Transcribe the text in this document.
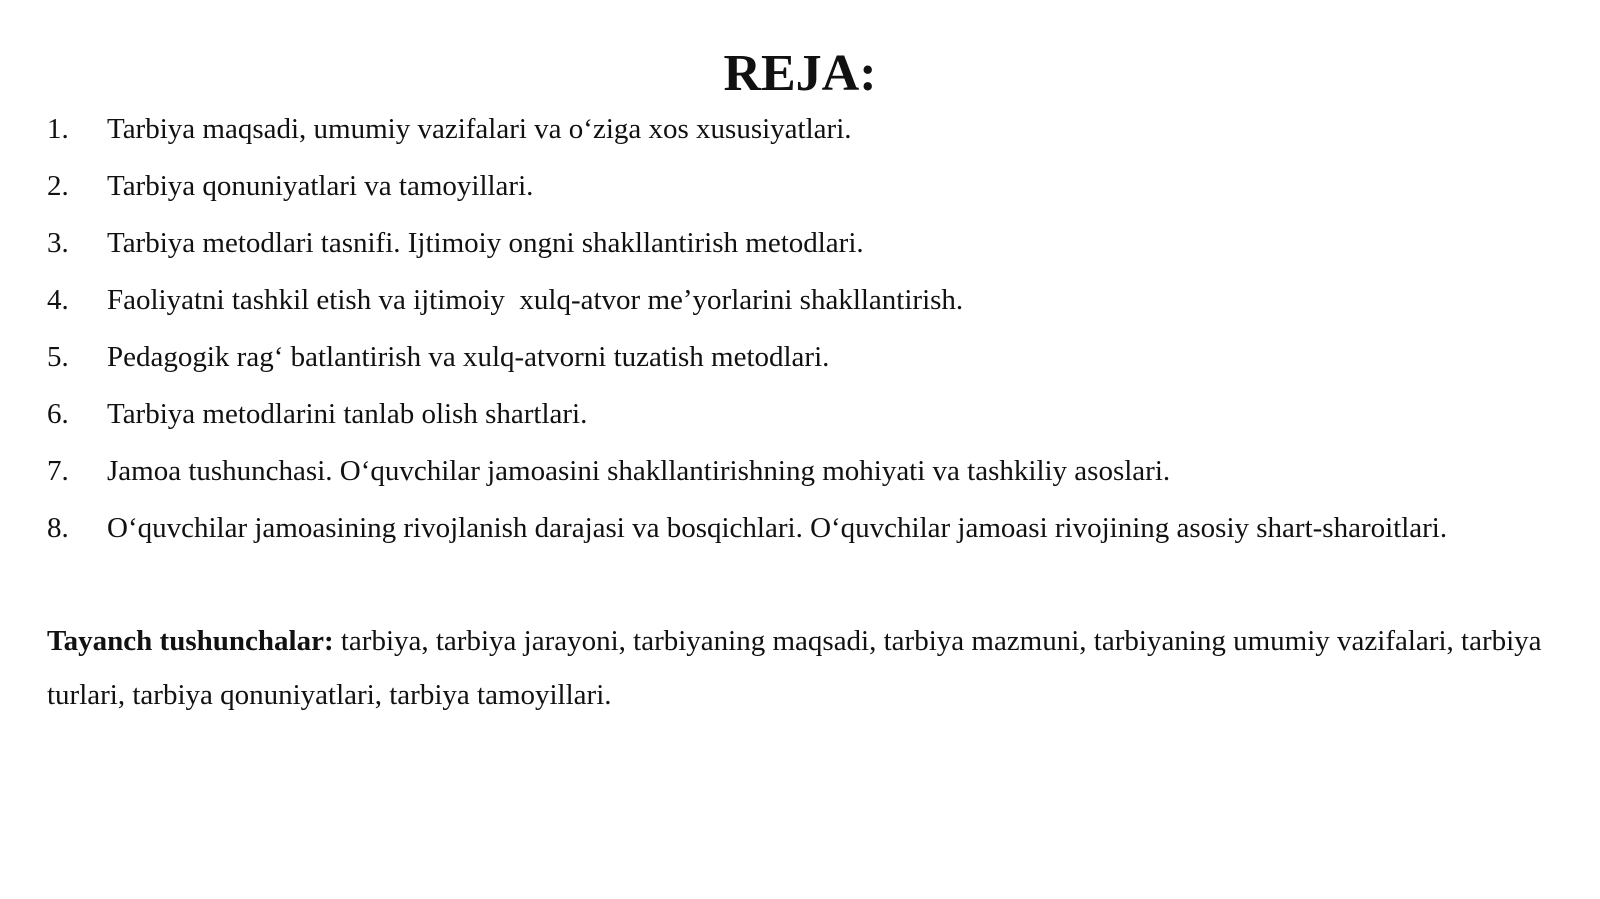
REJA:
1.	Tarbiya maqsadi, umumiy vazifalari va o‘ziga xos xususiyatlari.
2.	Tarbiya qonuniyatlari va tamoyillari.
3.	Tarbiya metodlari tasnifi. Ijtimoiy ongni shakllantirish metodlari.
4.	Faoliyatni tashkil etish va ijtimoiy  xulq-atvor me’yorlarini shakllantirish.
5.	Pedagogik rag‘ batlantirish va xulq-atvorni tuzatish metodlari.
6.	Tarbiya metodlarini tanlab olish shartlari.
7.	Jamoa tushunchasi. O‘quvchilar jamoasini shakllantirishning mohiyati va tashkiliy asoslari.
8.	O‘quvchilar jamoasining rivojlanish darajasi va bosqichlari. O‘quvchilar jamoasi rivojining asosiy shart-sharoitlari.

Tayanch tushunchalar: tarbiya, tarbiya jarayoni, tarbiyaning maqsadi, tarbiya mazmuni, tarbiyaning umumiy vazifalari, tarbiya turlari, tarbiya qonuniyatlari, tarbiya tamoyillari.
